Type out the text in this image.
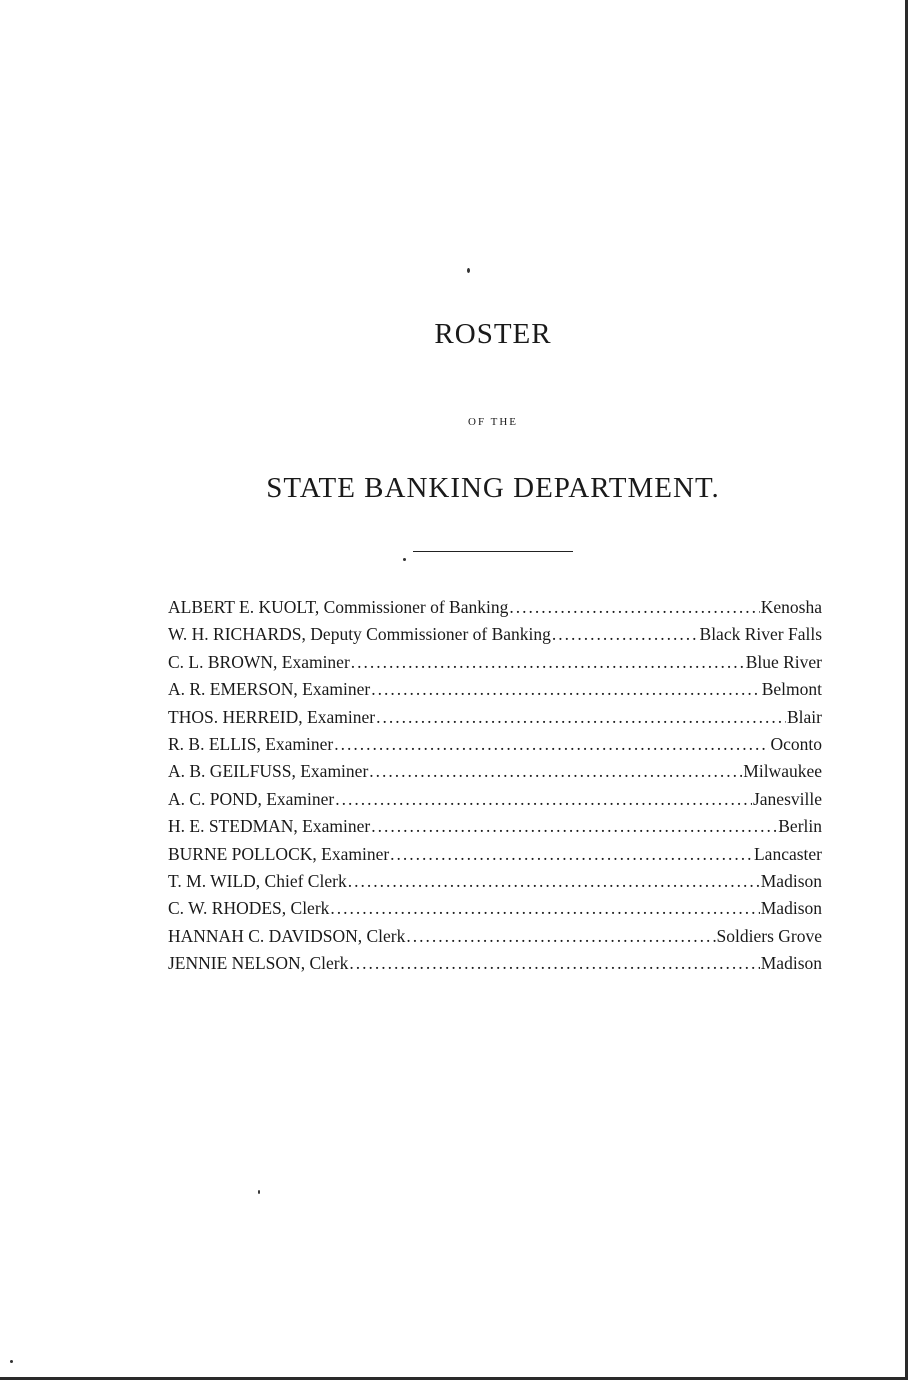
ROSTER
OF THE
STATE BANKING DEPARTMENT.
ALBERT E. KUOLT, Commissioner of Banking .....	Kenosha
W. H. RICHARDS, Deputy Commissioner of Banking .....	Black River Falls
C. L. BROWN, Examiner .....	Blue River
A. R. EMERSON, Examiner .....	Belmont
THOS. HERREID, Examiner .....	Blair
R. B. ELLIS, Examiner .....	Oconto
A. B. GEILFUSS, Examiner .....	Milwaukee
A. C. POND, Examiner .....	Janesville
H. E. STEDMAN, Examiner .....	Berlin
BURNE POLLOCK, Examiner .....	Lancaster
T. M. WILD, Chief Clerk .....	Madison
C. W. RHODES, Clerk .....	Madison
HANNAH C. DAVIDSON, Clerk .....	Soldiers Grove
JENNIE NELSON, Clerk .....	Madison
